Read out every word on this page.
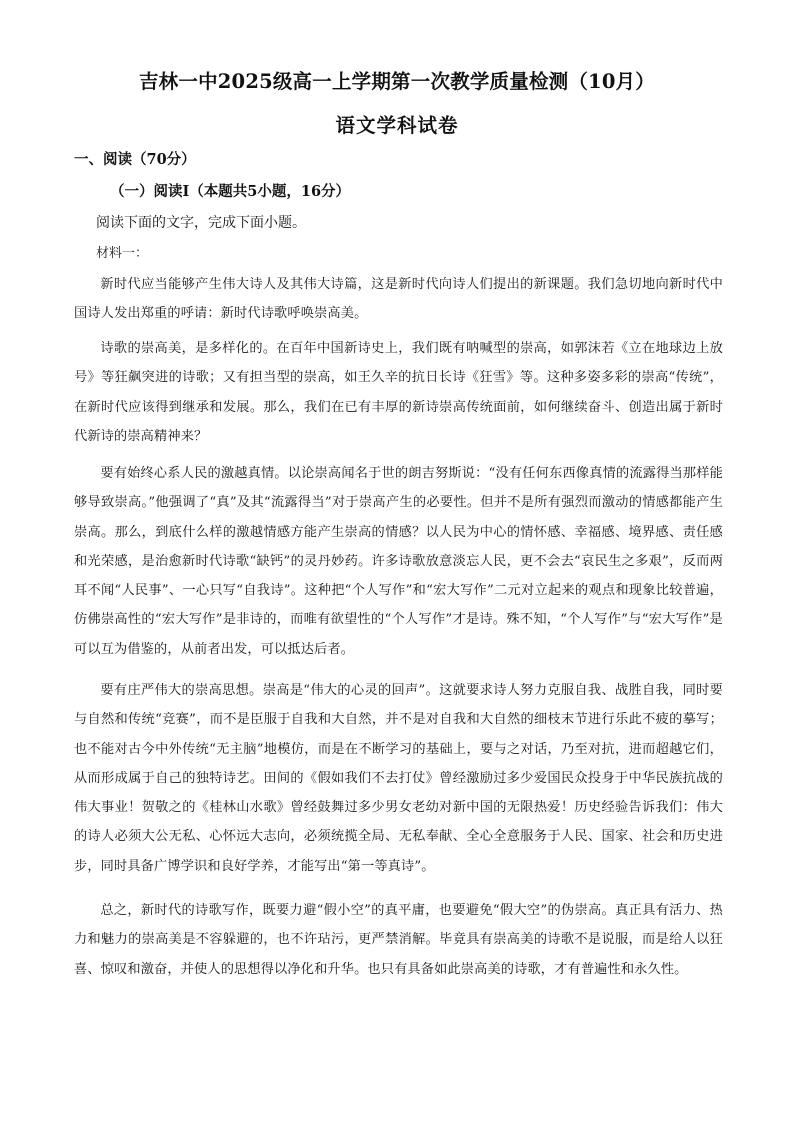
吉林一中2025级高一上学期第一次教学质量检测（10月）
语文学科试卷
一、阅读（70分）
（一）阅读Ⅰ（本题共5小题，16分）
阅读下面的文字，完成下面小题。
材料一：

新时代应当能够产生伟大诗人及其伟大诗篇，这是新时代向诗人们提出的新课题。我们急切地向新时代中国诗人发出郑重的呼请：新时代诗歌呼唤崇高美。

诗歌的崇高美，是多样化的。在百年中国新诗史上，我们既有呐喊型的崇高，如郭沫若《立在地球边上放号》等狂飙突进的诗歌；又有担当型的崇高，如王久辛的抗日长诗《狂雪》等。这种多姿多彩的崇高“传统”，在新时代应该得到继承和发展。那么，我们在已有丰厚的新诗崇高传统面前，如何继续奋斗、创造出属于新时代新诗的崇高精神来？

要有始终心系人民的激越真情。以论崇高闻名于世的朗吉努斯说：“没有任何东西像真情的流露得当那样能够导致崇高。”他强调了“真”及其“流露得当”对于崇高产生的必要性。但并不是所有强烈而激动的情感都能产生崇高。那么，到底什么样的激越情感方能产生崇高的情感？以人民为中心的情怀感、幸福感、境界感、责任感和光荣感，是治愈新时代诗歌“缺钙”的灵丹妙药。许多诗歌放意淡忘人民，更不会去“哀民生之多艰”，反而两耳不闻“人民事”、一心只写“自我诗”。这种把“个人写作”和“宏大写作”二元对立起来的观点和现象比较普遍，仿佛崇高性的“宏大写作”是非诗的，而唯有欲望性的“个人写作”才是诗。殊不知，“个人写作”与“宏大写作”是可以互为借鉴的，从前者出发，可以抵达后者。

要有庄严伟大的崇高思想。崇高是“伟大的心灵的回声”。这就要求诗人努力克服自我、战胜自我，同时要与自然和传统“竞赛”，而不是臣服于自我和大自然，并不是对自我和大自然的细枝末节进行乐此不疲的摹写；也不能对古今中外传统“无主脑”地模仿，而是在不断学习的基础上，要与之对话，乃至对抗，进而超越它们，从而形成属于自己的独特诗艺。田间的《假如我们不去打仗》曾经激励过多少爱国民众投身于中华民族抗战的伟大事业！贺敬之的《桂林山水歌》曾经鼓舞过多少男女老幼对新中国的无限热爱！历史经验告诉我们：伟大的诗人必须大公无私、心怀远大志向，必须统揽全局、无私奉献、全心全意服务于人民、国家、社会和历史进步，同时具备广博学识和良好学养，才能写出“第一等真诗”。

总之，新时代的诗歌写作，既要力避“假小空”的真平庸，也要避免“假大空”的伪崇高。真正具有活力、热力和魅力的崇高美是不容躲避的，也不许玷污，更严禁消解。毕竟具有崇高美的诗歌不是说服，而是给人以狂喜、惊叹和激奋，并使人的思想得以净化和升华。也只有具备如此崇高美的诗歌，才有普遍性和永久性。
